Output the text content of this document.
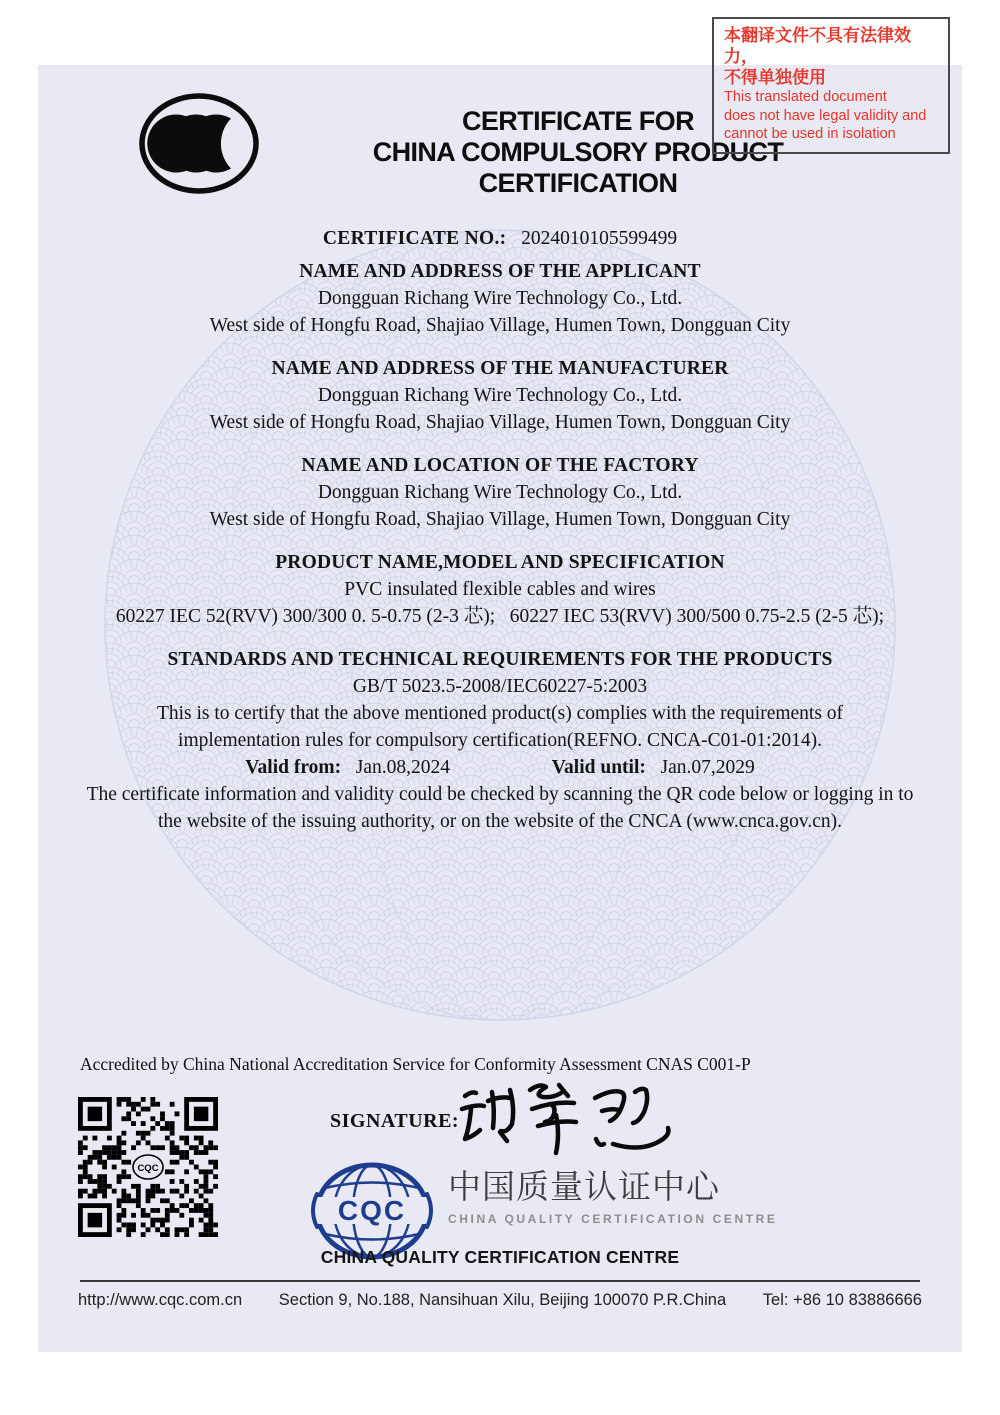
本翻译文件不具有法律效力，
不得单独使用
This translated document
does not have legal validity and
cannot be used in isolation
CERTIFICATE FOR
CHINA COMPULSORY PRODUCT CERTIFICATION
CERTIFICATE NO.: 2024010105599499
NAME AND ADDRESS OF THE APPLICANT
Dongguan Richang Wire Technology Co., Ltd.
West side of Hongfu Road, Shajiao Village, Humen Town, Dongguan City
NAME AND ADDRESS OF THE MANUFACTURER
Dongguan Richang Wire Technology Co., Ltd.
West side of Hongfu Road, Shajiao Village, Humen Town, Dongguan City
NAME AND LOCATION OF THE FACTORY
Dongguan Richang Wire Technology Co., Ltd.
West side of Hongfu Road, Shajiao Village, Humen Town, Dongguan City
PRODUCT NAME,MODEL AND SPECIFICATION
PVC insulated flexible cables and wires
60227 IEC 52(RVV) 300/300 0. 5-0.75 (2-3 芯);   60227 IEC 53(RVV) 300/500 0.75-2.5 (2-5 芯);
STANDARDS AND TECHNICAL REQUIREMENTS FOR THE PRODUCTS
GB/T 5023.5-2008/IEC60227-5:2003
This is to certify that the above mentioned product(s) complies with the requirements of
implementation rules for compulsory certification(REFNO. CNCA-C01-01:2014).
Valid from: Jan.08,2024	Valid until: Jan.07,2029
The certificate information and validity could be checked by scanning the QR code below or logging in to
the website of the issuing authority, or on the website of the CNCA (www.cnca.gov.cn).
Accredited by China National Accreditation Service for Conformity Assessment CNAS C001-P
CQC
SIGNATURE:
CQC
中国质量认证中心
CHINA QUALITY CERTIFICATION CENTRE
CHINA QUALITY CERTIFICATION CENTRE
http://www.cqc.com.cn Section 9, No.188, Nansihuan Xilu, Beijing 100070 P.R.China Tel: +86 10 83886666
